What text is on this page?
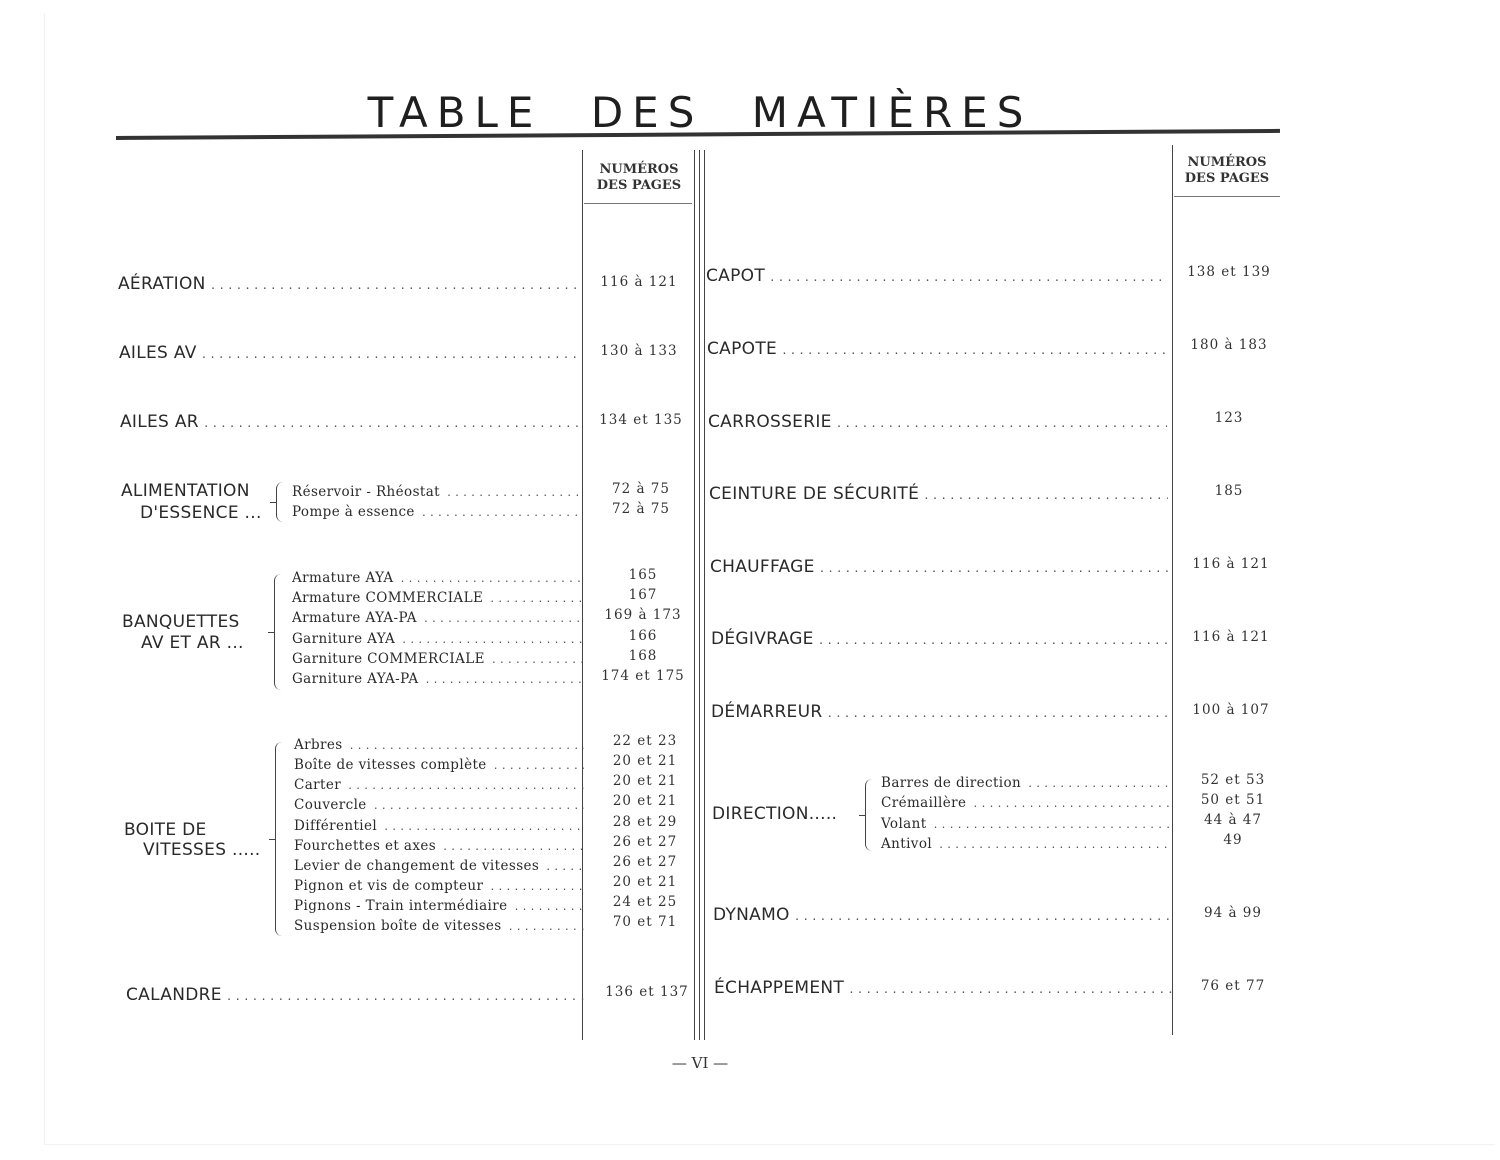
TABLE DES MATIÈRES
NUMÉROS
DES PAGES
NUMÉROS
DES PAGES
AÉRATION .....	116 à 121
AILES AV .....	130 à 133
AILES AR .....	134 et 135
ALIMENTATION
D'ESSENCE ...
Réservoir - Rhéostat .....	72 à 75
Pompe à essence .....	72 à 75
BANQUETTES
AV ET AR ...
Armature AYA .....	165
Armature COMMERCIALE .....	167
Armature AYA-PA .....	169 à 173
Garniture AYA .....	166
Garniture COMMERCIALE .....	168
Garniture AYA-PA .....	174 et 175
BOITE DE
VITESSES .....
Arbres .....	22 et 23
Boîte de vitesses complète .....	20 et 21
Carter .....	20 et 21
Couvercle .....	20 et 21
Différentiel .....	28 et 29
Fourchettes et axes .....	26 et 27
Levier de changement de vitesses .....	26 et 27
Pignon et vis de compteur .....	20 et 21
Pignons - Train intermédiaire .....	24 et 25
Suspension boîte de vitesses .....	70 et 71
CALANDRE .....	136 et 137
CAPOT .....	138 et 139
CAPOTE .....	180 à 183
CARROSSERIE .....	123
CEINTURE DE SÉCURITÉ .....	185
CHAUFFAGE .....	116 à 121
DÉGIVRAGE .....	116 à 121
DÉMARREUR .....	100 à 107
DIRECTION.....
Barres de direction .....	52 et 53
Crémaillère .....	50 et 51
Volant .....	44 à 47
Antivol .....	49
DYNAMO .....	94 à 99
ÉCHAPPEMENT .....	76 et 77
— VI —
